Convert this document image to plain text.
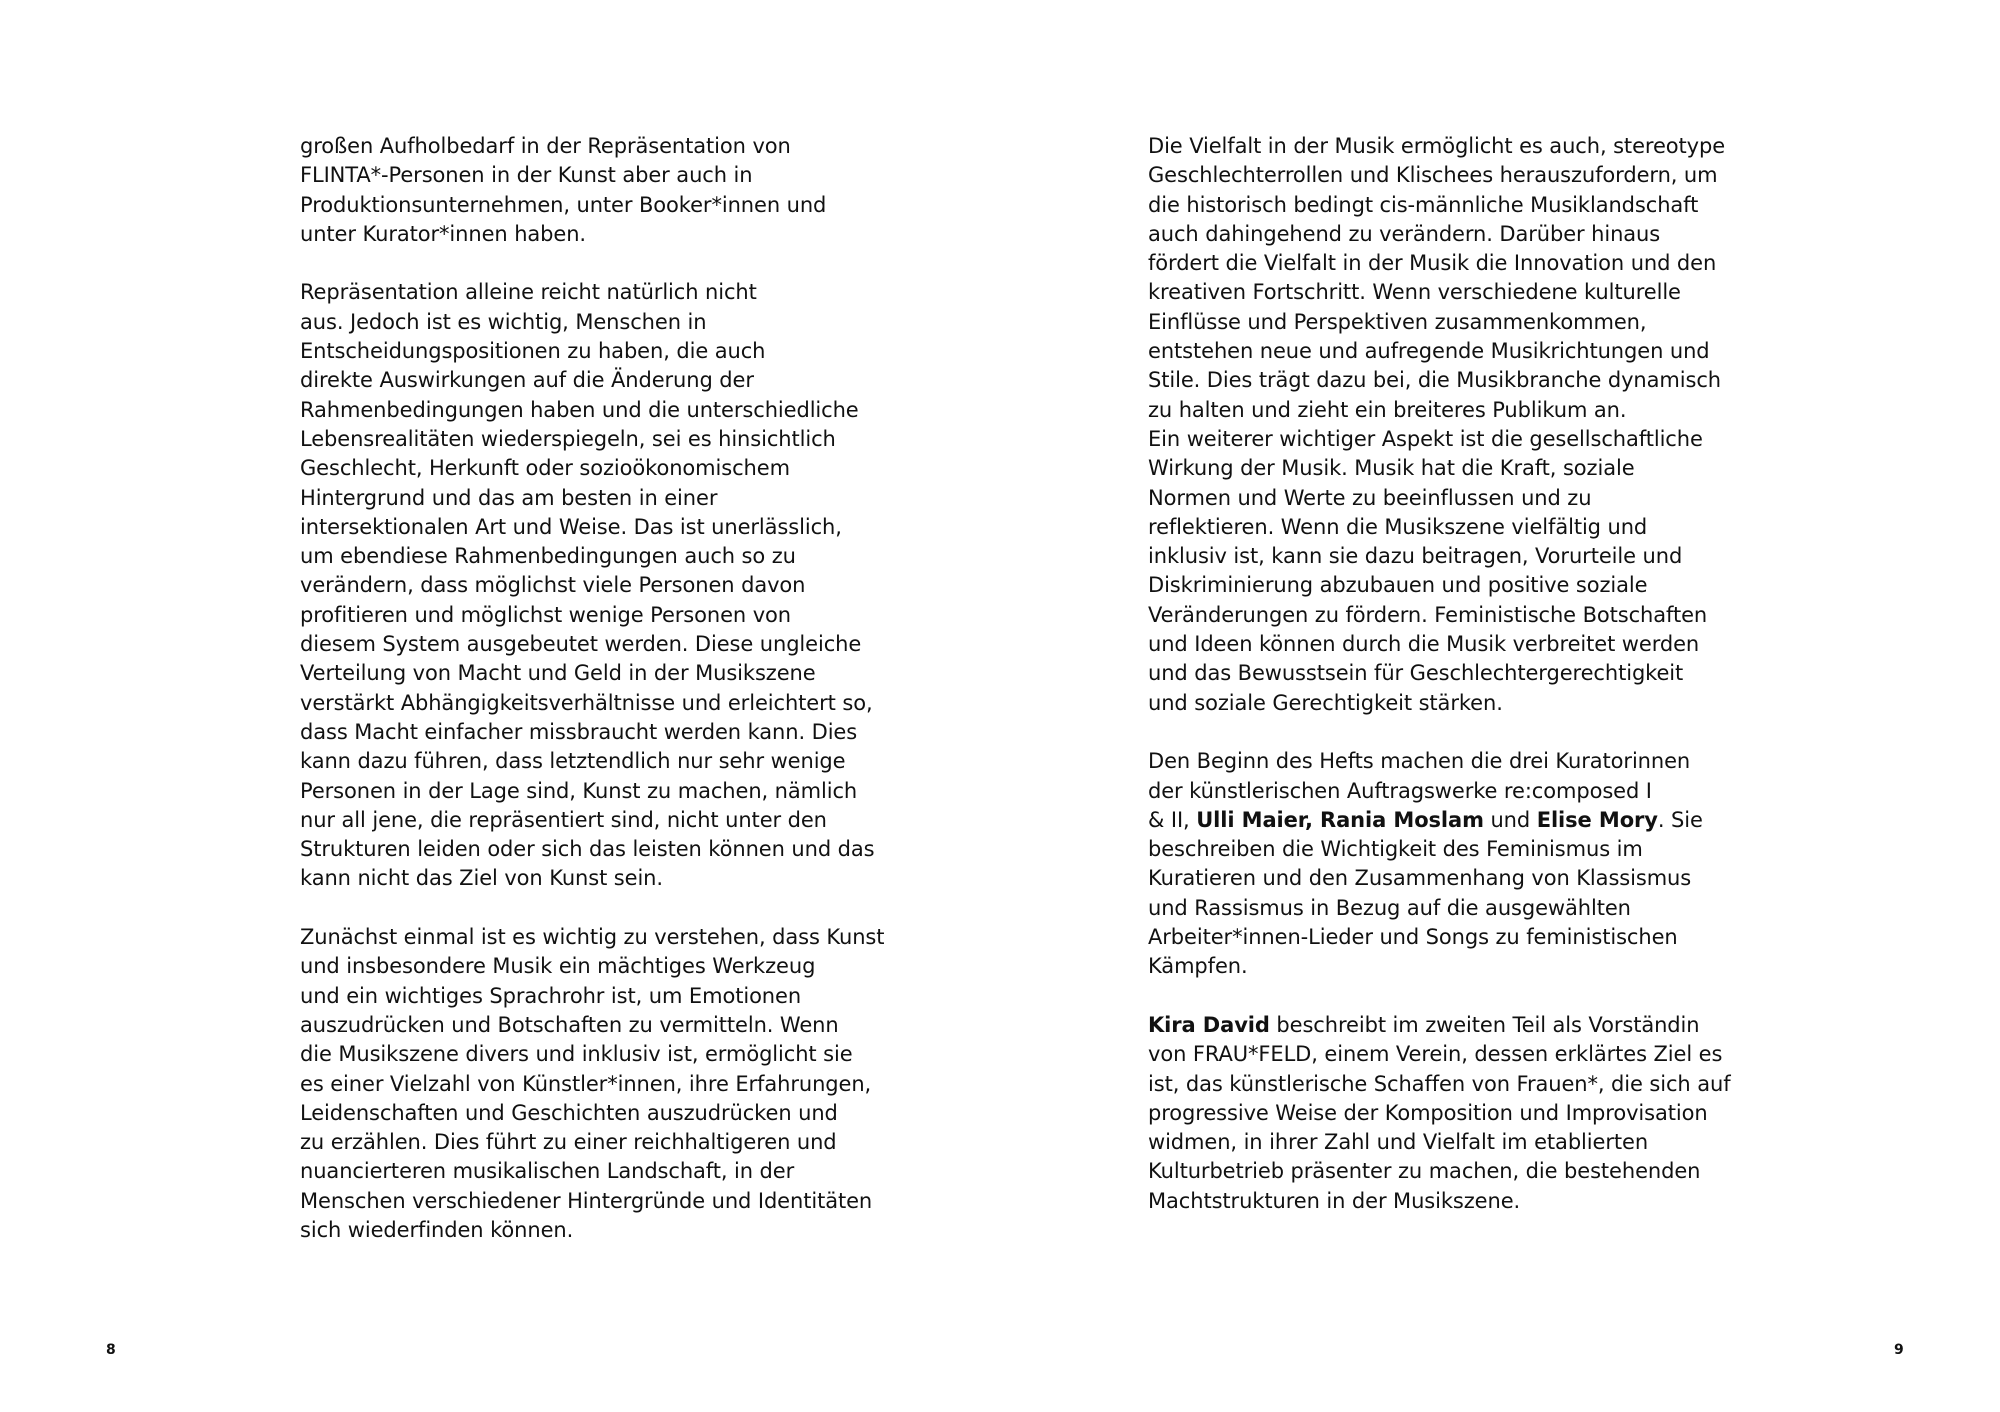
großen Aufholbedarf in der Repräsentation von
FLINTA*-Personen in der Kunst aber auch in
Produktionsunternehmen, unter Booker*innen und
unter Kurator*innen haben.

Repräsentation alleine reicht natürlich nicht
aus. Jedoch ist es wichtig, Menschen in
Entscheidungspositionen zu haben, die auch
direkte Auswirkungen auf die Änderung der
Rahmenbedingungen haben und die unterschiedliche
Lebensrealitäten wiederspiegeln, sei es hinsichtlich
Geschlecht, Herkunft oder sozioökonomischem
Hintergrund und das am besten in einer
intersektionalen Art und Weise. Das ist unerlässlich,
um ebendiese Rahmenbedingungen auch so zu
verändern, dass möglichst viele Personen davon
profitieren und möglichst wenige Personen von
diesem System ausgebeutet werden. Diese ungleiche
Verteilung von Macht und Geld in der Musikszene
verstärkt Abhängigkeitsverhältnisse und erleichtert so,
dass Macht einfacher missbraucht werden kann. Dies
kann dazu führen, dass letztendlich nur sehr wenige
Personen in der Lage sind, Kunst zu machen, nämlich
nur all jene, die repräsentiert sind, nicht unter den
Strukturen leiden oder sich das leisten können und das
kann nicht das Ziel von Kunst sein.

Zunächst einmal ist es wichtig zu verstehen, dass Kunst
und insbesondere Musik ein mächtiges Werkzeug
und ein wichtiges Sprachrohr ist, um Emotionen
auszudrücken und Botschaften zu vermitteln. Wenn
die Musikszene divers und inklusiv ist, ermöglicht sie
es einer Vielzahl von Künstler*innen, ihre Erfahrungen,
Leidenschaften und Geschichten auszudrücken und
zu erzählen. Dies führt zu einer reichhaltigeren und
nuancierteren musikalischen Landschaft, in der
Menschen verschiedener Hintergründe und Identitäten
sich wiederfinden können.

8

Die Vielfalt in der Musik ermöglicht es auch, stereotype
Geschlechterrollen und Klischees herauszufordern, um
die historisch bedingt cis-männliche Musiklandschaft
auch dahingehend zu verändern. Darüber hinaus
fördert die Vielfalt in der Musik die Innovation und den
kreativen Fortschritt. Wenn verschiedene kulturelle
Einflüsse und Perspektiven zusammenkommen,
entstehen neue und aufregende Musikrichtungen und
Stile. Dies trägt dazu bei, die Musikbranche dynamisch
zu halten und zieht ein breiteres Publikum an.
Ein weiterer wichtiger Aspekt ist die gesellschaftliche
Wirkung der Musik. Musik hat die Kraft, soziale
Normen und Werte zu beeinflussen und zu
reflektieren. Wenn die Musikszene vielfältig und
inklusiv ist, kann sie dazu beitragen, Vorurteile und
Diskriminierung abzubauen und positive soziale
Veränderungen zu fördern. Feministische Botschaften
und Ideen können durch die Musik verbreitet werden
und das Bewusstsein für Geschlechtergerechtigkeit
und soziale Gerechtigkeit stärken.

Den Beginn des Hefts machen die drei Kuratorinnen
der künstlerischen Auftragswerke re:composed I
& II, Ulli Maier, Rania Moslam und Elise Mory. Sie
beschreiben die Wichtigkeit des Feminismus im
Kuratieren und den Zusammenhang von Klassismus
und Rassismus in Bezug auf die ausgewählten
Arbeiter*innen-Lieder und Songs zu feministischen
Kämpfen.

Kira David beschreibt im zweiten Teil als Vorständin
von FRAU*FELD, einem Verein, dessen erklärtes Ziel es
ist, das künstlerische Schaffen von Frauen*, die sich auf
progressive Weise der Komposition und Improvisation
widmen, in ihrer Zahl und Vielfalt im etablierten
Kulturbetrieb präsenter zu machen, die bestehenden
Machtstrukturen in der Musikszene.

9
